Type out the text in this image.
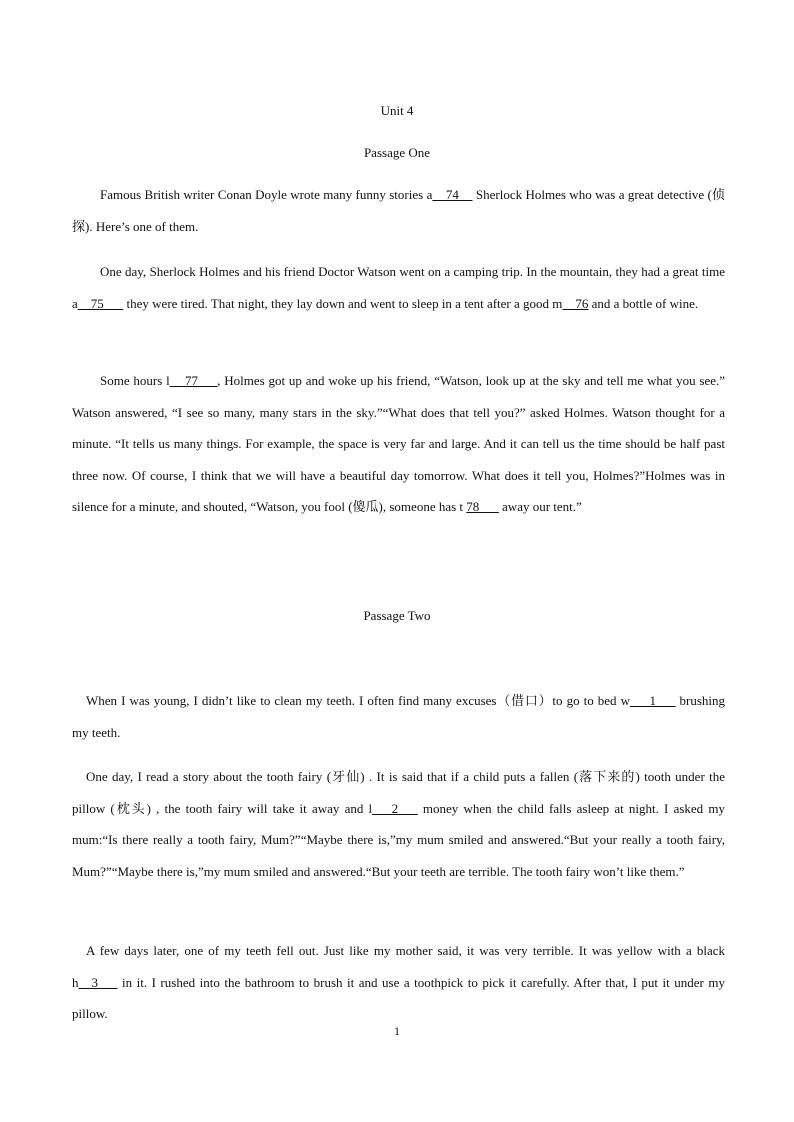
Unit 4
Passage One
Famous British writer Conan Doyle wrote many funny stories a    74     Sherlock Holmes who was a great detective (侦探). Here’s one of them.
One day, Sherlock Holmes and his friend Doctor Watson went on a camping trip. In the mountain, they had a great time a    75       they were tired. That night, they lay down and went to sleep in a tent after a good m    76 and a bottle of wine.
Some hours l    77     , Holmes got up and woke up his friend, “Watson, look up at the sky and tell me what you see.” Watson answered, “I see so many, many stars in the sky.”“What does that tell you?” asked Holmes. Watson thought for a minute. “It tells us many things. For example, the space is very far and large. And it can tell us the time should be half past three now. Of course, I think that we will have a beautiful day tomorrow. What does it tell you, Holmes?”Holmes was in silence for a minute, and shouted, “Watson, you fool (傻瓜), someone has t 78       away our tent.”
Passage Two
When I was young, I didn’t like to clean my teeth. I often find many excuses（借口）to go to bed w___1___ brushing my teeth.
One day, I read a story about the tooth fairy (牙仙) . It is said that if a child puts a fallen (落下来的) tooth under the pillow (枕头) , the tooth fairy will take it away and l___2___ money when the child falls asleep at night. I asked my mum:“Is there really a tooth fairy, Mum?”“Maybe there is,”my mum smiled and answered.“But your really a tooth fairy, Mum?”“Maybe there is,”my mum smiled and answered.“But your teeth are terrible. The tooth fairy won’t like them.”
A few days later, one of my teeth fell out. Just like my mother said, it was very terrible. It was yellow with a black h__3___ in it. I rushed into the bathroom to brush it and use a toothpick to pick it carefully. After that, I put it under my pillow.
1
